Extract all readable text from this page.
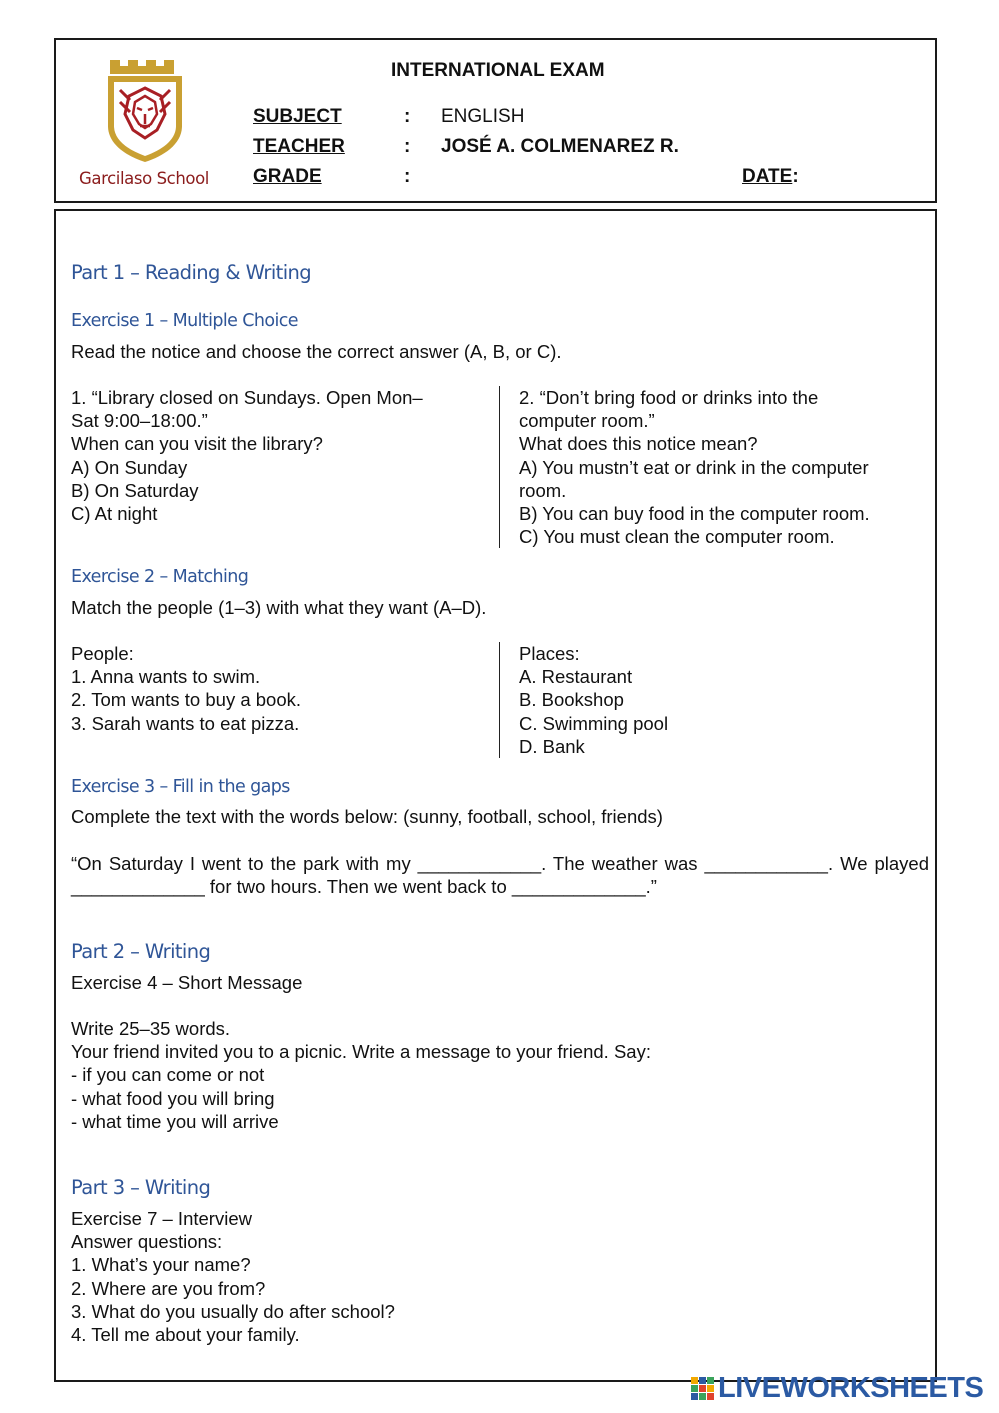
Garcilaso School
INTERNATIONAL EXAM
SUBJECT	: ENGLISH
TEACHER	: JOSÉ A. COLMENAREZ R.
GRADE	:	DATE:
Part 1 – Reading & Writing
Exercise 1 – Multiple Choice
Read the notice and choose the correct answer (A, B, or C).
1. “Library closed on Sundays. Open Mon–
Sat 9:00–18:00.”
When can you visit the library?
A) On Sunday
B) On Saturday
C) At night
2. “Don’t bring food or drinks into the
computer room.”
What does this notice mean?
A) You mustn’t eat or drink in the computer
room.
B) You can buy food in the computer room.
C) You must clean the computer room.
Exercise 2 – Matching
Match the people (1–3) with what they want (A–D).
People:
1. Anna wants to swim.
2. Tom wants to buy a book.
3. Sarah wants to eat pizza.
Places:
A. Restaurant
B. Bookshop
C. Swimming pool
D. Bank
Exercise 3 – Fill in the gaps
Complete the text with the words below: (sunny, football, school, friends)
“On Saturday I went to the park with my ____________. The weather was ____________. We played _____________ for two hours. Then we went back to _____________.”
Part 2 – Writing
Exercise 4 – Short Message
Write 25–35 words.
Your friend invited you to a picnic. Write a message to your friend. Say:
- if you can come or not
- what food you will bring
- what time you will arrive
Part 3 – Writing
Exercise 7 – Interview
Answer questions:
1. What’s your name?
2. Where are you from?
3. What do you usually do after school?
4. Tell me about your family.
LIVEWORKSHEETS
